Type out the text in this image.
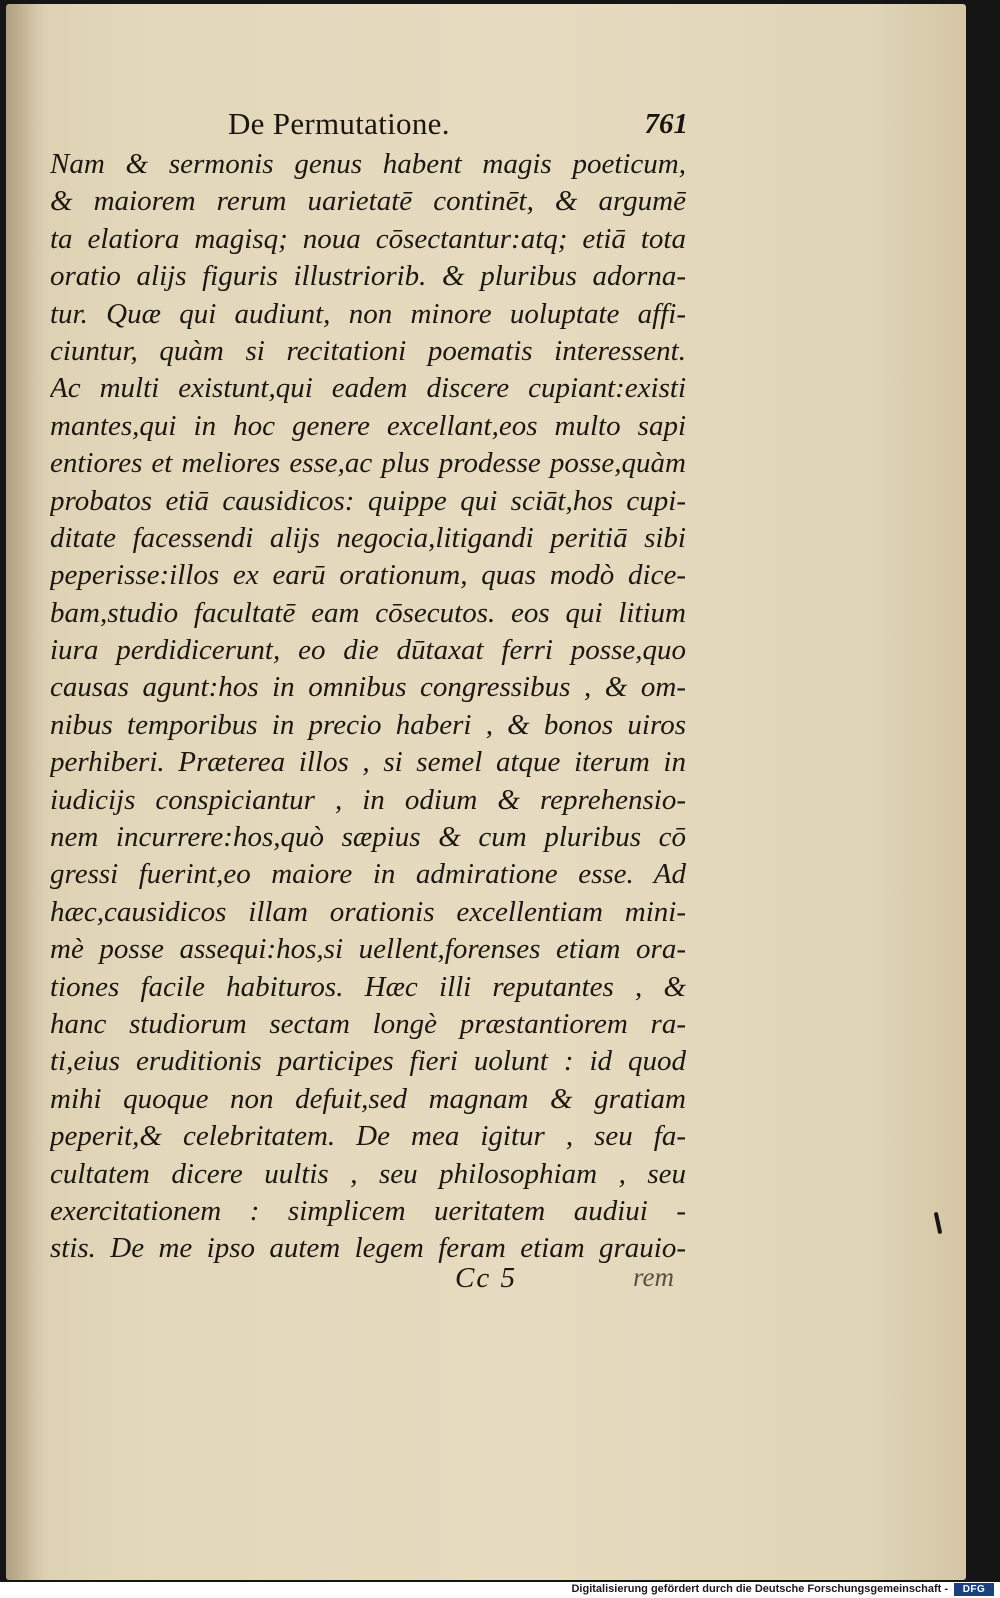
De Permutatione.	761
Nam & sermonis genus habent magis poeticum,
& maiorem rerum uarietatē continēt, & argumē
ta elatiora magisq; noua cōsectantur:atq; etiā tota
oratio alijs figuris illustriorib. & pluribus adorna-
tur. Quæ qui audiunt, non minore uoluptate affi-
ciuntur, quàm si recitationi poematis interessent.
Ac multi existunt,qui eadem discere cupiant:existi
mantes,qui in hoc genere excellant,eos multo sapi
entiores et meliores esse,ac plus prodesse posse,quàm
probatos etiā causidicos: quippe qui sciāt,hos cupi-
ditate facessendi alijs negocia,litigandi peritiā sibi
peperisse:illos ex earū orationum, quas modò dice-
bam,studio facultatē eam cōsecutos. eos qui litium
iura perdidicerunt, eo die dūtaxat ferri posse,quo
causas agunt:hos in omnibus congressibus , & om-
nibus temporibus in precio haberi , & bonos uiros
perhiberi. Præterea illos , si semel atque iterum in
iudicijs conspiciantur , in odium & reprehensio-
nem incurrere:hos,quò sæpius & cum pluribus cō
gressi fuerint,eo maiore in admiratione esse. Ad
hæc,causidicos illam orationis excellentiam mini-
mè posse assequi:hos,si uellent,forenses etiam ora-
tiones facile habituros. Hæc illi reputantes , &
hanc studiorum sectam longè præstantiorem ra-
ti,eius eruditionis participes fieri uolunt : id quod
mihi quoque non defuit,sed magnam & gratiam
peperit,& celebritatem. De mea igitur , seu fa-
cultatem dicere uultis , seu philosophiam , seu
exercitationem : simplicem ueritatem audiui -
stis. De me ipso autem legem feram etiam grauio-
Cc 5	rem
Digitalisierung gefördert durch die Deutsche Forschungsgemeinschaft -	DFG
